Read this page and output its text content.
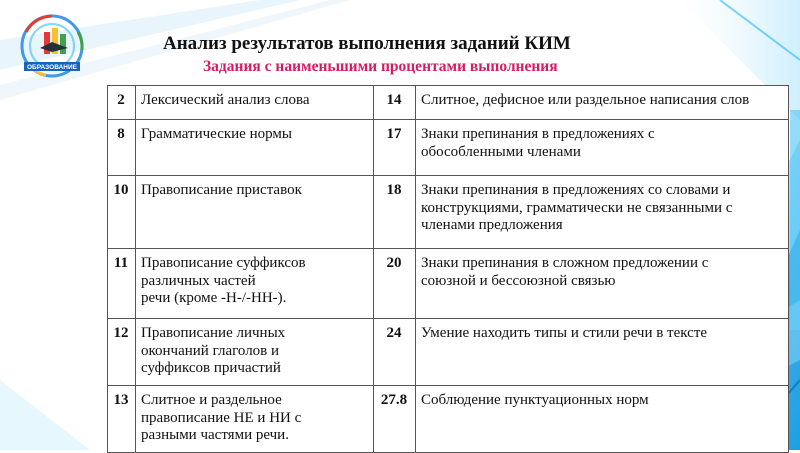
ОБРАЗОВАНИЕ
Анализ результатов выполнения заданий КИМ
Задания с наименьшими процентами выполнения
2	Лексический анализ слова	14	Слитное, дефисное или раздельное написания слов
8	Грамматические нормы	17	Знаки препинания в предложениях с
обособленными членами
10	Правописание приставок	18	Знаки препинания в предложениях со словами и
конструкциями, грамматически не связанными с
членами предложения
11	Правописание суффиксов
различных частей
речи (кроме -Н-/-НН-).	20	Знаки препинания в сложном предложении с
союзной и бессоюзной связью
12	Правописание личных
окончаний глаголов и
суффиксов причастий	24	Умение находить типы и стили речи в тексте
13	Слитное и раздельное
правописание НЕ и НИ с
разными частями речи.	27.8	Соблюдение пунктуационных норм
